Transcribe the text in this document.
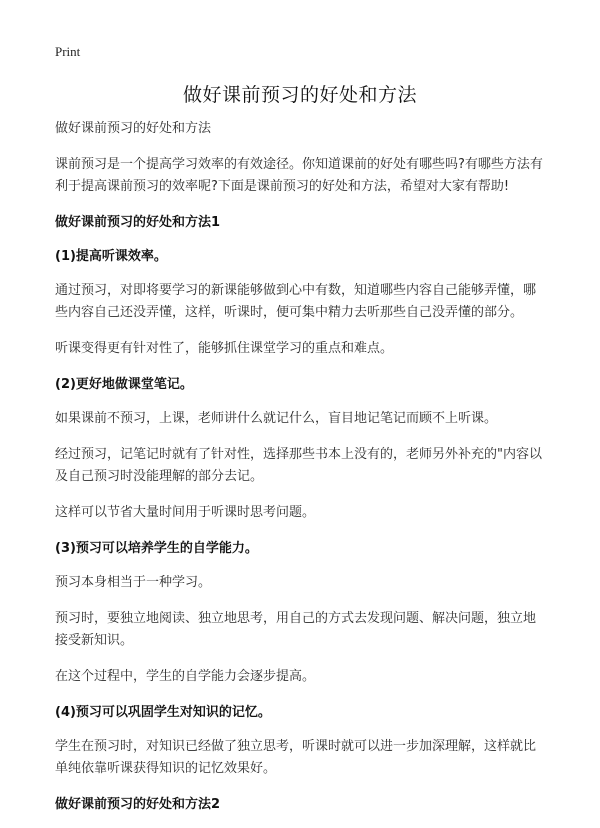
Print
做好课前预习的好处和方法

做好课前预习的好处和方法

课前预习是一个提高学习效率的有效途径。你知道课前的好处有哪些吗?有哪些方法有利于提高课前预习的效率呢?下面是课前预习的好处和方法，希望对大家有帮助!

做好课前预习的好处和方法1
(1)提高听课效率。

通过预习，对即将要学习的新课能够做到心中有数，知道哪些内容自己能够弄懂，哪些内容自己还没弄懂，这样，听课时，便可集中精力去听那些自己没弄懂的部分。

听课变得更有针对性了，能够抓住课堂学习的重点和难点。

(2)更好地做课堂笔记。

如果课前不预习，上课，老师讲什么就记什么，盲目地记笔记而顾不上听课。

经过预习，记笔记时就有了针对性，选择那些书本上没有的，老师另外补充的"内容以及自己预习时没能理解的部分去记。

这样可以节省大量时间用于听课时思考问题。

(3)预习可以培养学生的自学能力。

预习本身相当于一种学习。

预习时，要独立地阅读、独立地思考，用自己的方式去发现问题、解决问题，独立地接受新知识。

在这个过程中，学生的自学能力会逐步提高。

(4)预习可以巩固学生对知识的记忆。

学生在预习时，对知识已经做了独立思考，听课时就可以进一步加深理解，这样就比单纯依靠听课获得知识的记忆效果好。

做好课前预习的好处和方法2
